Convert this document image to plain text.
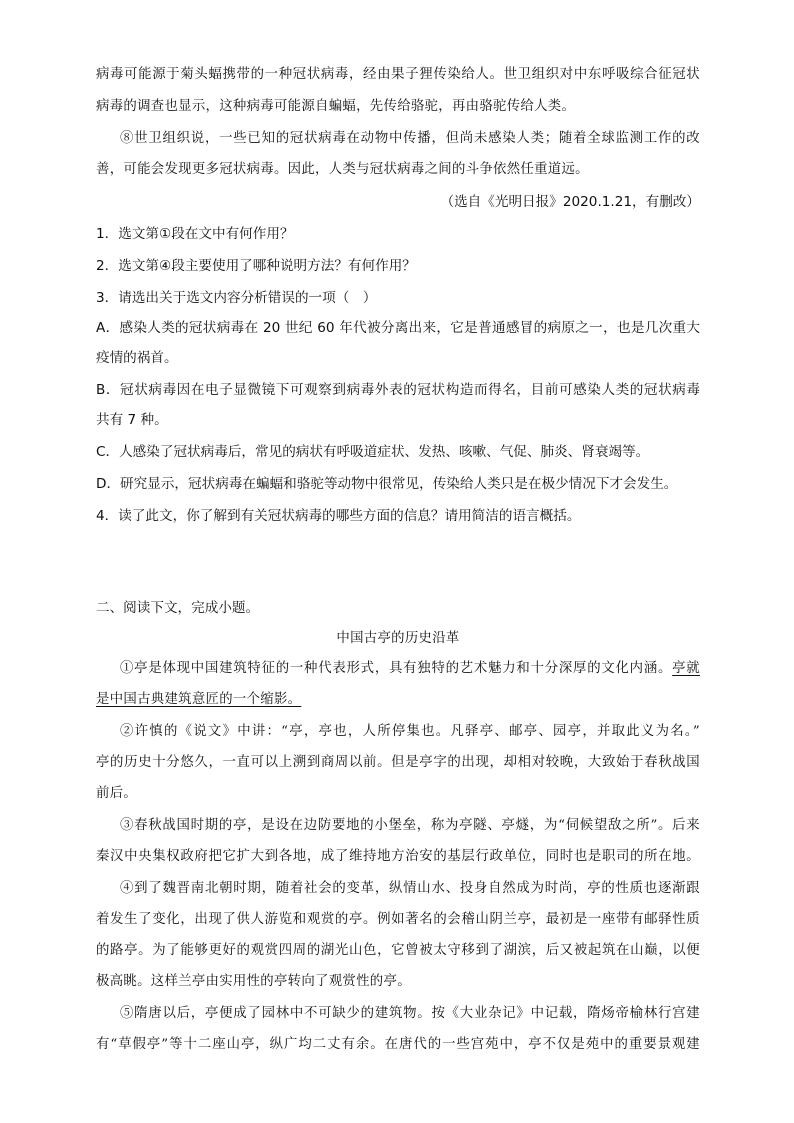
病毒可能源于菊头蝠携带的一种冠状病毒，经由果子狸传染给人。世卫组织对中东呼吸综合征冠状
病毒的调查也显示，这种病毒可能源自蝙蝠，先传给骆驼，再由骆驼传给人类。
⑧世卫组织说，一些已知的冠状病毒在动物中传播，但尚未感染人类；随着全球监测工作的改
善，可能会发现更多冠状病毒。因此，人类与冠状病毒之间的斗争依然任重道远。
（选自《光明日报》2020.1.21，有删改）
1．选文第①段在文中有何作用？
2．选文第④段主要使用了哪种说明方法？有何作用？
3．请选出关于选文内容分析错误的一项（　）
A．感染人类的冠状病毒在 20 世纪 60 年代被分离出来，它是普通感冒的病原之一，也是几次重大
疫情的祸首。
B．冠状病毒因在电子显微镜下可观察到病毒外表的冠状构造而得名，目前可感染人类的冠状病毒
共有 7 种。
C．人感染了冠状病毒后，常见的病状有呼吸道症状、发热、咳嗽、气促、肺炎、肾衰竭等。
D．研究显示，冠状病毒在蝙蝠和骆驼等动物中很常见，传染给人类只是在极少情况下才会发生。
4．读了此文，你了解到有关冠状病毒的哪些方面的信息？请用简洁的语言概括。
二、阅读下文，完成小题。
中国古亭的历史沿革
①亭是体现中国建筑特征的一种代表形式，具有独特的艺术魅力和十分深厚的文化内涵。亭就
是中国古典建筑意匠的一个缩影。
②许慎的《说文》中讲：“亭，亭也，人所停集也。凡驿亭、邮亭、园亭，并取此义为名。”
亭的历史十分悠久，一直可以上溯到商周以前。但是亭字的出现，却相对较晚，大致始于春秋战国
前后。
③春秋战国时期的亭，是设在边防要地的小堡垒，称为亭隧、亭燧，为“伺候望敌之所”。后来
秦汉中央集权政府把它扩大到各地，成了维持地方治安的基层行政单位，同时也是职司的所在地。
④到了魏晋南北朝时期，随着社会的变革，纵情山水、投身自然成为时尚，亭的性质也逐渐跟
着发生了变化，出现了供人游览和观赏的亭。例如著名的会稽山阴兰亭，最初是一座带有邮驿性质
的路亭。为了能够更好的观赏四周的湖光山色，它曾被太守移到了湖滨，后又被起筑在山巅，以便
极高眺。这样兰亭由实用性的亭转向了观赏性的亭。
⑤隋唐以后，亭便成了园林中不可缺少的建筑物。按《大业杂记》中记载，隋炀帝榆林行宫建
有“草假亭”等十二座山亭，纵广均二丈有余。在唐代的一些宫苑中，亭不仅是苑中的重要景观建
